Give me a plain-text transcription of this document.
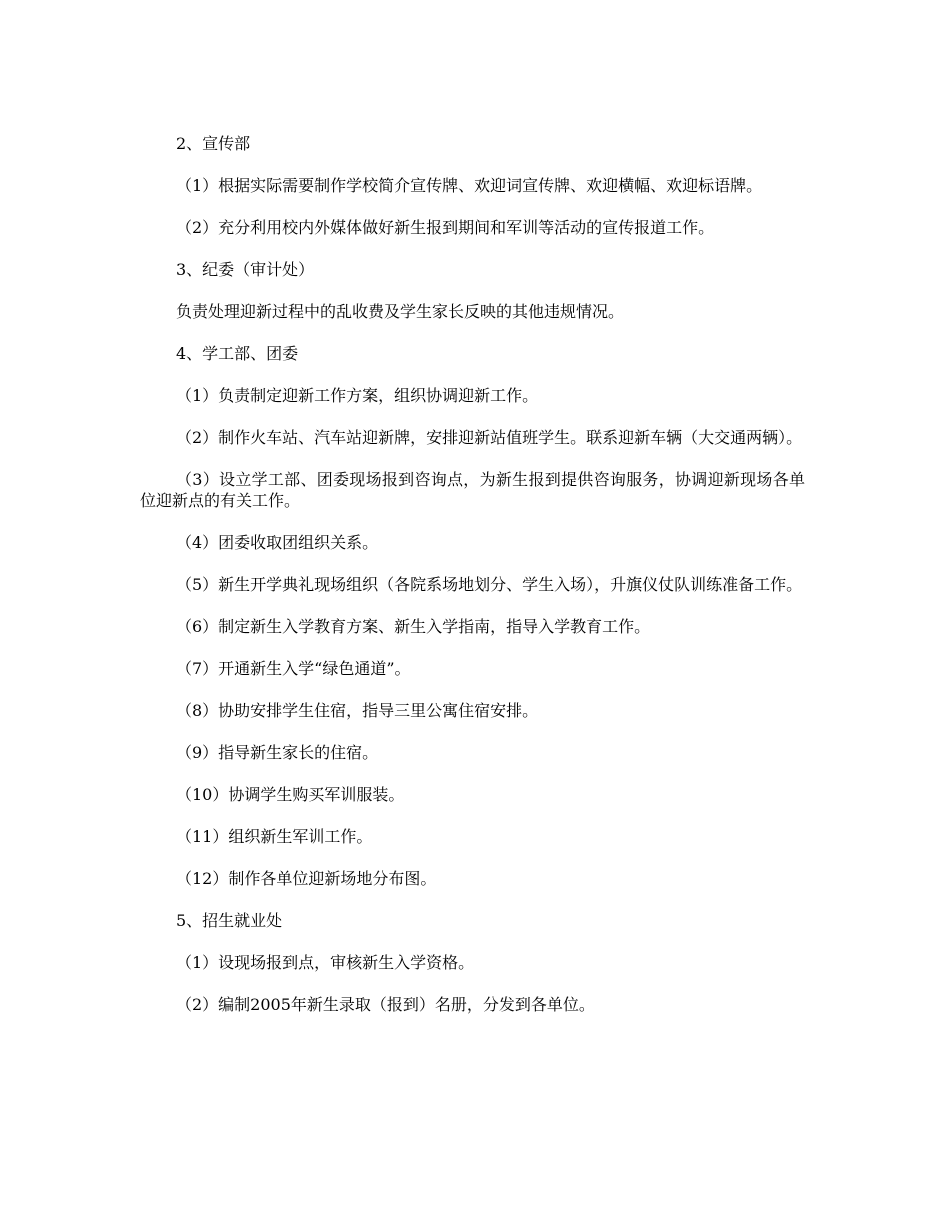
2、宣传部

（1）根据实际需要制作学校简介宣传牌、欢迎词宣传牌、欢迎横幅、欢迎标语牌。

（2）充分利用校内外媒体做好新生报到期间和军训等活动的宣传报道工作。

3、纪委（审计处）

负责处理迎新过程中的乱收费及学生家长反映的其他违规情况。

4、学工部、团委

（1）负责制定迎新工作方案，组织协调迎新工作。

（2）制作火车站、汽车站迎新牌，安排迎新站值班学生。联系迎新车辆（大交通两辆）。

（3）设立学工部、团委现场报到咨询点，为新生报到提供咨询服务，协调迎新现场各单位迎新点的有关工作。

（4）团委收取团组织关系。

（5）新生开学典礼现场组织（各院系场地划分、学生入场），升旗仪仗队训练准备工作。

（6）制定新生入学教育方案、新生入学指南，指导入学教育工作。

（7）开通新生入学“绿色通道”。

（8）协助安排学生住宿，指导三里公寓住宿安排。

（9）指导新生家长的住宿。

（10）协调学生购买军训服装。

（11）组织新生军训工作。

（12）制作各单位迎新场地分布图。

5、招生就业处

（1）设现场报到点，审核新生入学资格。

（2）编制2005年新生录取（报到）名册，分发到各单位。
